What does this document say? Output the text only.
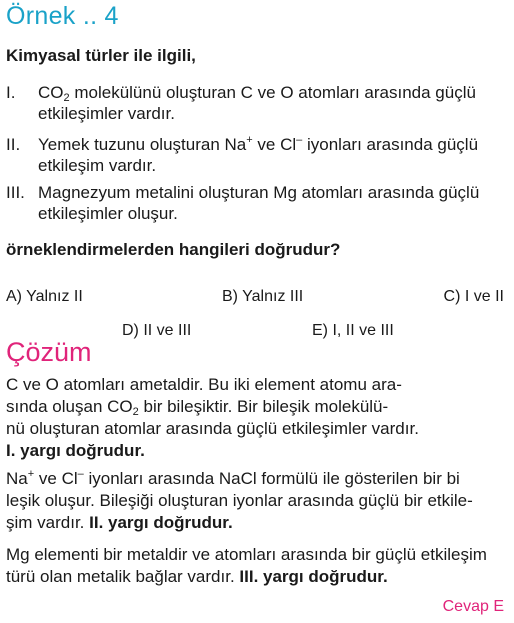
Örnek .. 4
Kimyasal türler ile ilgili,
I. $CO_2$ molekülünü oluşturan C ve O atomları arasında güçlü
etkileşimler vardır.
II. Yemek tuzunu oluşturan Na+ ve Cl– iyonları arasında güçlü
etkileşim vardır.
III. Magnezyum metalini oluşturan Mg atomları arasında güçlü
etkileşimler oluşur.
örneklendirmelerden hangileri doğrudur?
A) Yalnız II	B) Yalnız III	C) I ve II
D) II ve III	E) I, II ve III
Çözüm
C ve O atomları ametaldir. Bu iki element atomu ara-
sında oluşan $CO_2$ bir bileşiktir. Bir bileşik molekülü-
nü oluşturan atomlar arasında güçlü etkileşimler vardır.
I. yargı doğrudur.
Na+ ve Cl– iyonları arasında NaCl formülü ile gösterilen bir bi
leşik oluşur. Bileşiği oluşturan iyonlar arasında güçlü bir etkile-
şim vardır. II. yargı doğrudur.
Mg elementi bir metaldir ve atomları arasında bir güçlü etkileşim
türü olan metalik bağlar vardır. III. yargı doğrudur.
Cevap E
